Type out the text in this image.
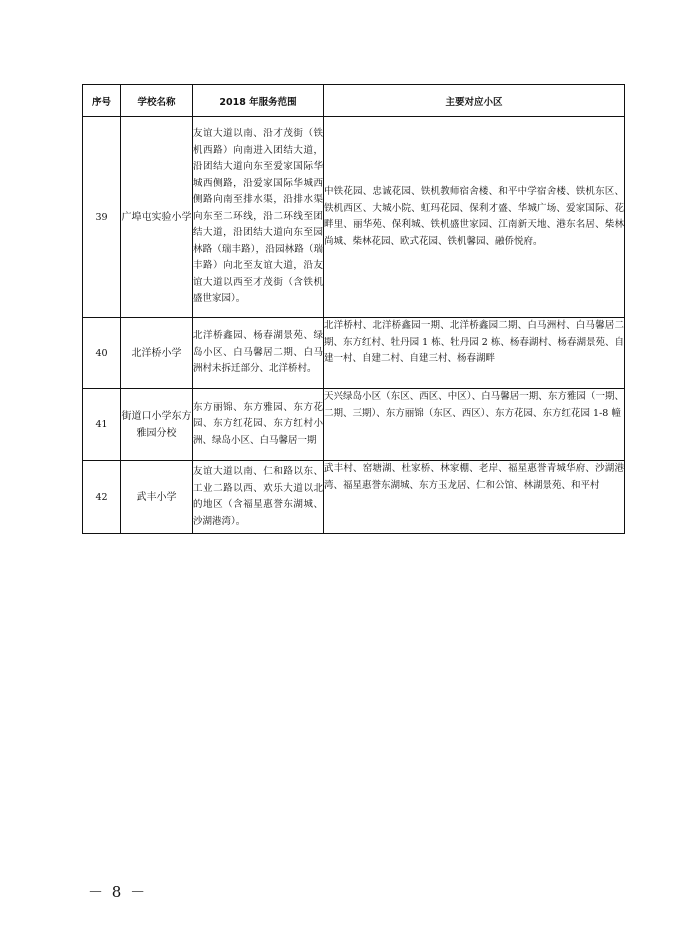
序号	学校名称	2018 年服务范围	主要对应小区
39	广埠屯实验小学	友谊大道以南、沿才茂街（铁机西路）向南进入团结大道，沿团结大道向东至爱家国际华城西侧路，沿爱家国际华城西侧路向南至排水渠，沿排水渠向东至二环线，沿二环线至团结大道，沿团结大道向东至园林路（瑞丰路），沿园林路（瑞丰路）向北至友谊大道，沿友谊大道以西至才茂街（含铁机盛世家园）。	中铁花园、忠诚花园、铁机教师宿舍楼、和平中学宿舍楼、铁机东区、铁机西区、大城小院、虹玛花园、保利才盛、华城广场、爱家国际、花畔里、丽华苑、保利城、铁机盛世家园、江南新天地、港东名居、柴林尚城、柴林花园、欧式花园、铁机馨园、融侨悦府。
40	北洋桥小学	北洋桥鑫园、杨春湖景苑、绿岛小区、白马馨居二期、白马洲村未拆迁部分、北洋桥村。	北洋桥村、北洋桥鑫园一期、北洋桥鑫园二期、白马洲村、白马馨居二期、东方红村、牡丹园 1 栋、牡丹园 2 栋、杨春湖村、杨春湖景苑、自建一村、自建二村、自建三村、杨春湖畔
41	街道口小学东方雅园分校	东方丽锦、东方雅园、东方花园、东方红花园、东方红村小洲、绿岛小区、白马馨居一期	天兴绿岛小区（东区、西区、中区）、白马馨居一期、东方雅园（一期、二期、三期）、东方丽锦（东区、西区）、东方花园、东方红花园 1-8 幢
42	武丰小学	友谊大道以南、仁和路以东、工业二路以西、欢乐大道以北的地区（含福星惠誉东湖城、沙湖港湾）。	武丰村、窑塘湖、杜家桥、林家棚、老岸、福星惠誉青城华府、沙湖港湾、福星惠誉东湖城、东方玉龙居、仁和公馆、林湖景苑、和平村
－ 8 －
